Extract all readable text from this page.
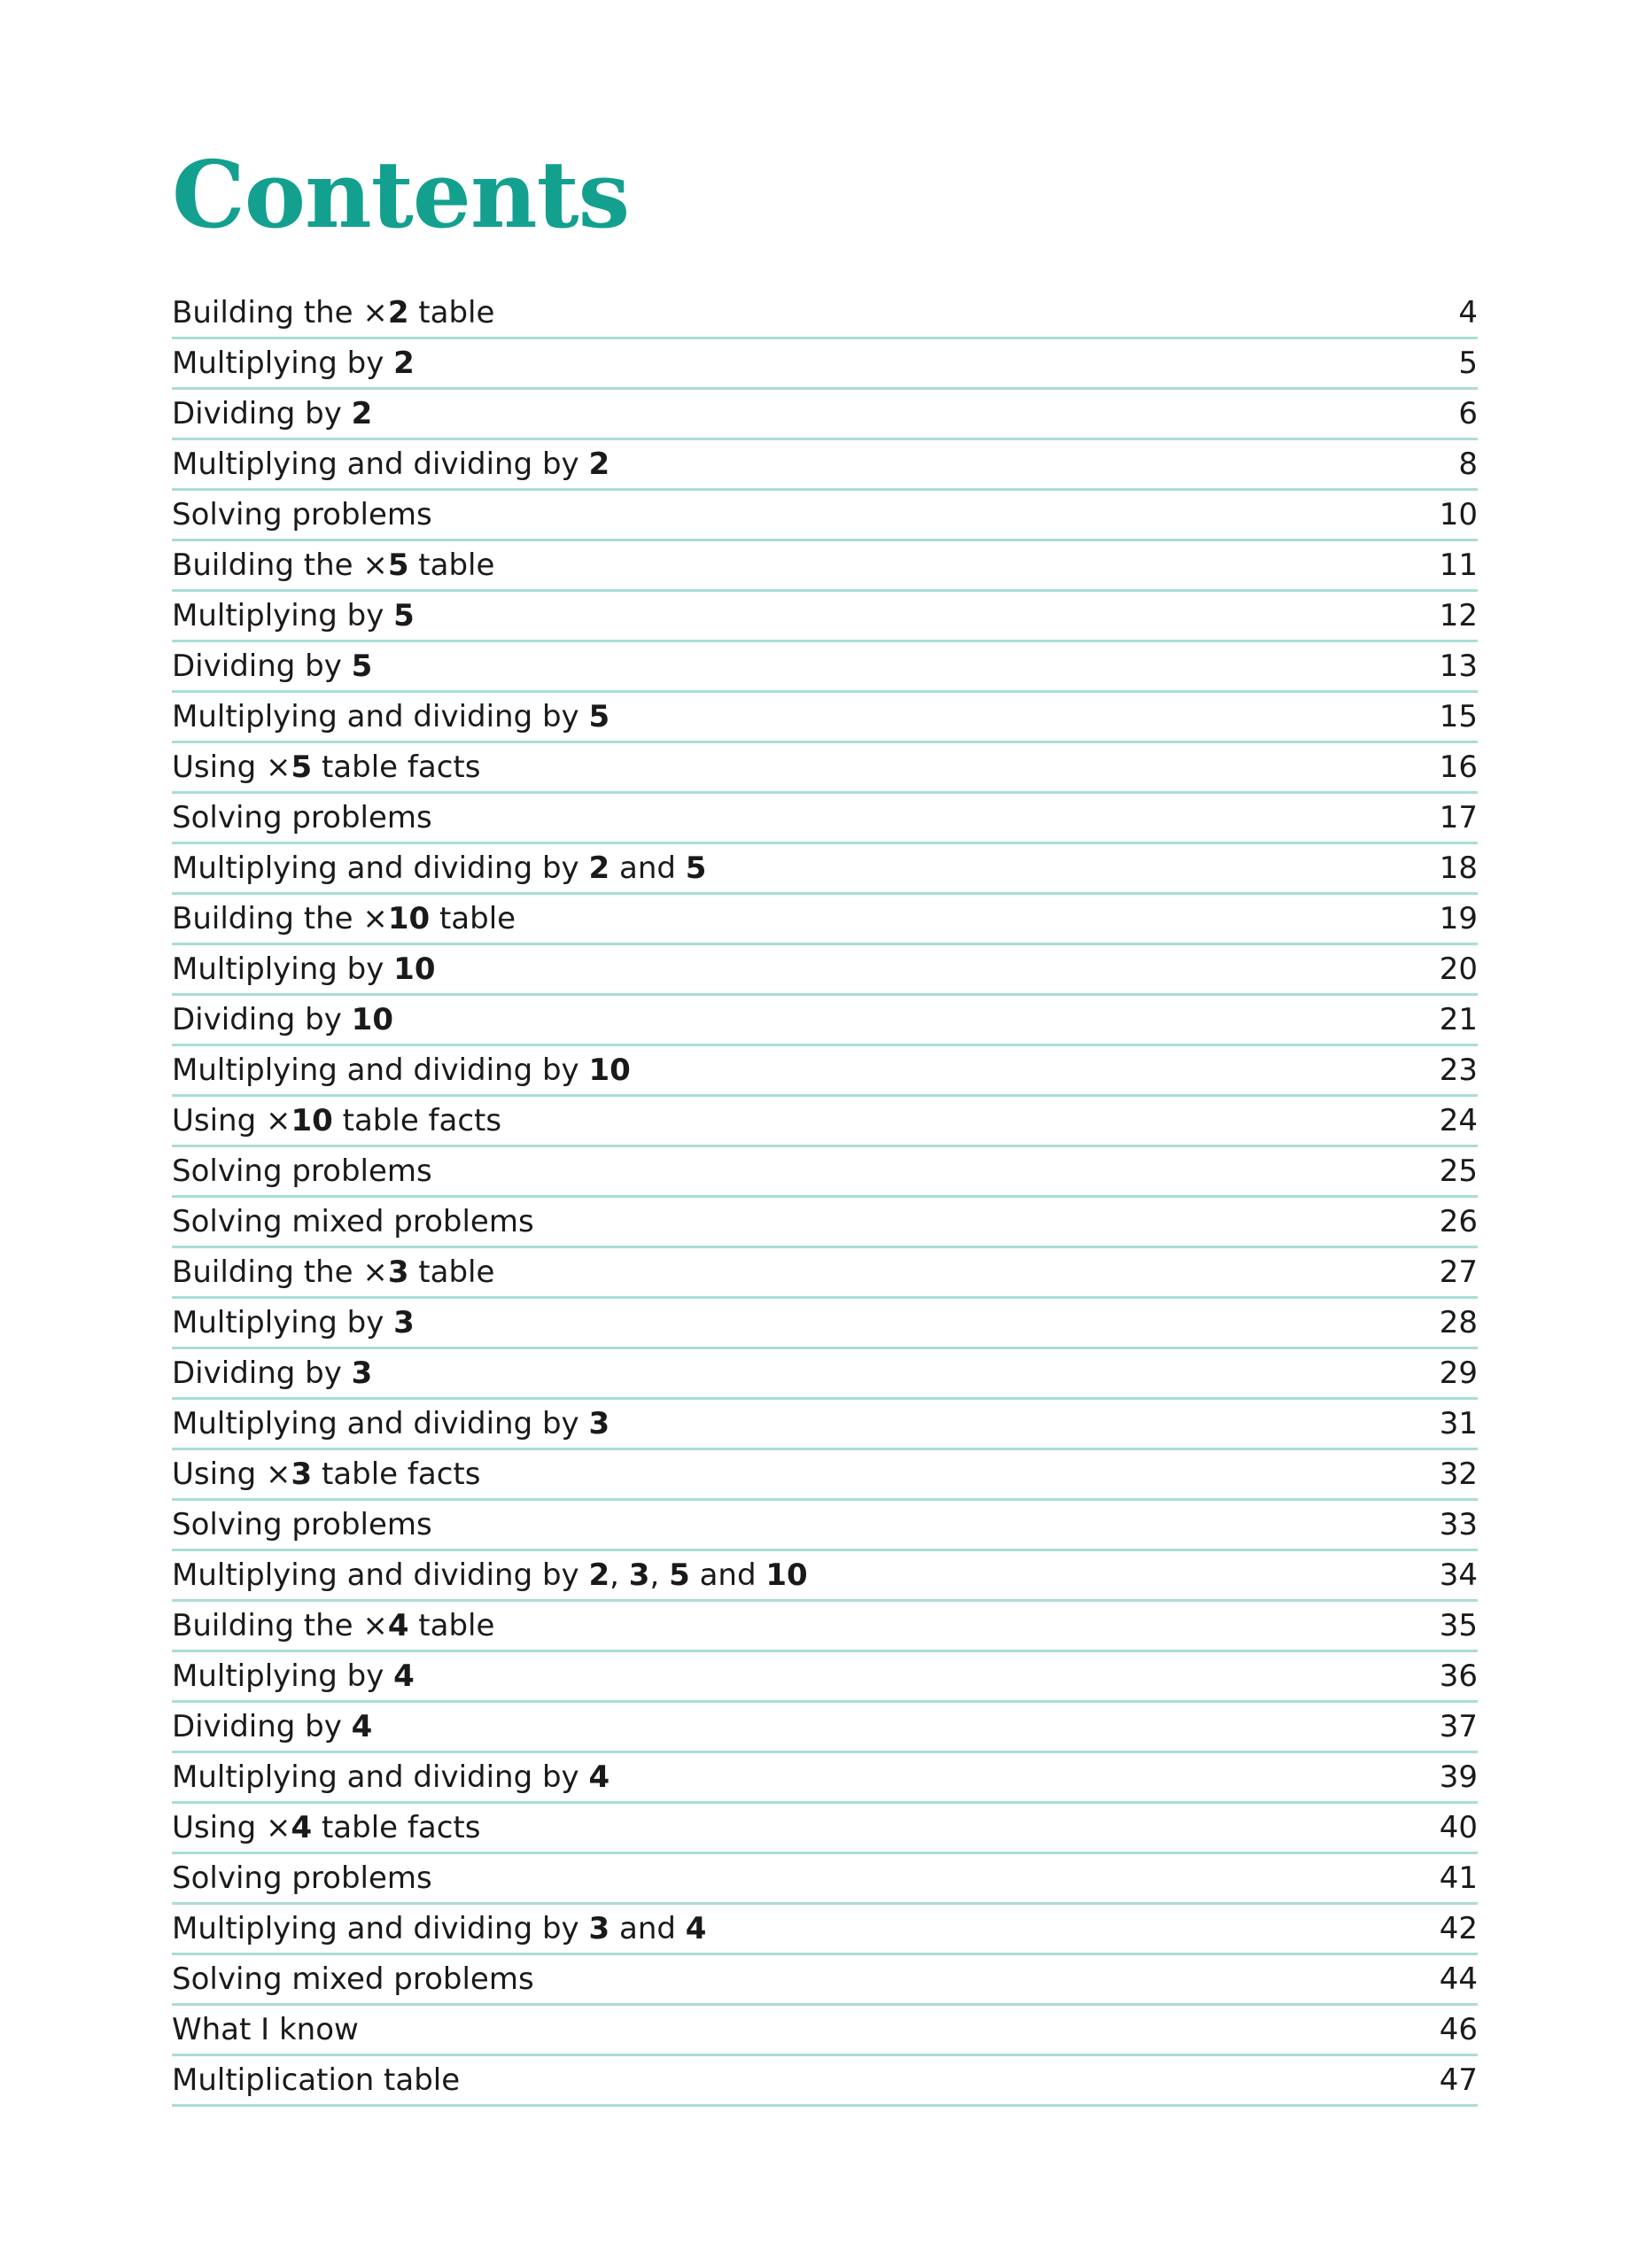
Contents
Building the ×2 table	4
Multiplying by 2	5
Dividing by 2	6
Multiplying and dividing by 2	8
Solving problems	10
Building the ×5 table	11
Multiplying by 5	12
Dividing by 5	13
Multiplying and dividing by 5	15
Using ×5 table facts	16
Solving problems	17
Multiplying and dividing by 2 and 5	18
Building the ×10 table	19
Multiplying by 10	20
Dividing by 10	21
Multiplying and dividing by 10	23
Using ×10 table facts	24
Solving problems	25
Solving mixed problems	26
Building the ×3 table	27
Multiplying by 3	28
Dividing by 3	29
Multiplying and dividing by 3	31
Using ×3 table facts	32
Solving problems	33
Multiplying and dividing by 2, 3, 5 and 10	34
Building the ×4 table	35
Multiplying by 4	36
Dividing by 4	37
Multiplying and dividing by 4	39
Using ×4 table facts	40
Solving problems	41
Multiplying and dividing by 3 and 4	42
Solving mixed problems	44
What I know	46
Multiplication table	47
